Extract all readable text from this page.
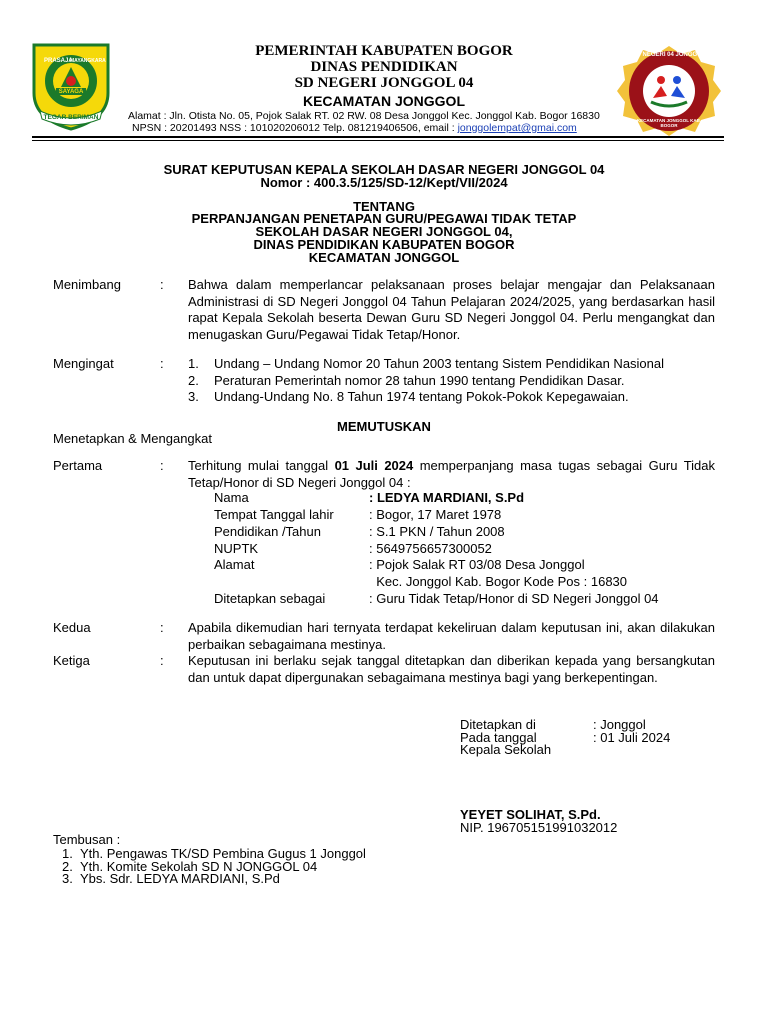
PRASAJA
MAYANGKARA
SAYAGA
TEGAR BERIMAN
SD NEGERI 04 JONGGOL
KECAMATAN JONGGOL KAB. BOGOR
PEMERINTAH KABUPATEN BOGOR
DINAS PENDIDIKAN
SD NEGERI JONGGOL 04
KECAMATAN JONGGOL
Alamat : Jln. Otista No. 05, Pojok Salak RT. 02 RW. 08 Desa Jonggol Kec. Jonggol Kab. Bogor 16830
NPSN : 20201493 NSS : 101020206012 Telp. 081219406506, email : jonggolempat@gmai.com
SURAT KEPUTUSAN KEPALA SEKOLAH DASAR NEGERI JONGGOL 04
Nomor : 400.3.5/125/SD-12/Kept/VII/2024
TENTANG
PERPANJANGAN PENETAPAN GURU/PEGAWAI TIDAK TETAP
SEKOLAH DASAR NEGERI JONGGOL 04,
DINAS PENDIDIKAN KABUPATEN BOGOR
KECAMATAN JONGGOL
Menimbang	: Bahwa dalam memperlancar pelaksanaan proses belajar mengajar dan Pelaksanaan Administrasi di SD Negeri Jonggol 04 Tahun Pelajaran 2024/2025, yang berdasarkan hasil rapat Kepala Sekolah beserta Dewan Guru SD Negeri Jonggol 04. Perlu mengangkat dan menugaskan Guru/Pegawai Tidak Tetap/Honor.
Mengingat	: 1. Undang – Undang Nomor 20 Tahun 2003 tentang Sistem Pendidikan Nasional
2. Peraturan Pemerintah nomor 28 tahun 1990 tentang Pendidikan Dasar.
3. Undang-Undang No. 8 Tahun 1974 tentang Pokok-Pokok Kepegawaian.
MEMUTUSKAN
Menetapkan & Mengangkat
Pertama	: Terhitung mulai tanggal 01 Juli 2024 memperpanjang masa tugas sebagai Guru Tidak Tetap/Honor di SD Negeri Jonggol 04 :
Nama	: LEDYA MARDIANI, S.Pd
Tempat Tanggal lahir	: Bogor, 17 Maret 1978
Pendidikan /Tahun	: S.1 PKN / Tahun 2008
NUPTK	: 5649756657300052
Alamat	: Pojok Salak RT 03/08 Desa Jonggol
Kec. Jonggol Kab. Bogor Kode Pos : 16830
Ditetapkan sebagai	: Guru Tidak Tetap/Honor di SD Negeri Jonggol 04
Kedua	: Apabila dikemudian hari ternyata terdapat kekeliruan dalam keputusan ini, akan dilakukan perbaikan sebagaimana mestinya.
Ketiga	: Keputusan ini berlaku sejak tanggal ditetapkan dan diberikan kepada yang bersangkutan dan untuk dapat dipergunakan sebagaimana mestinya bagi yang berkepentingan.
Ditetapkan di	: Jonggol
Pada tanggal	: 01 Juli 2024
Kepala Sekolah
YEYET SOLIHAT, S.Pd.
NIP. 196705151991032012
Tembusan :
1. Yth. Pengawas TK/SD Pembina Gugus 1 Jonggol
2. Yth. Komite Sekolah SD N JONGGOL 04
3. Ybs. Sdr. LEDYA MARDIANI, S.Pd
